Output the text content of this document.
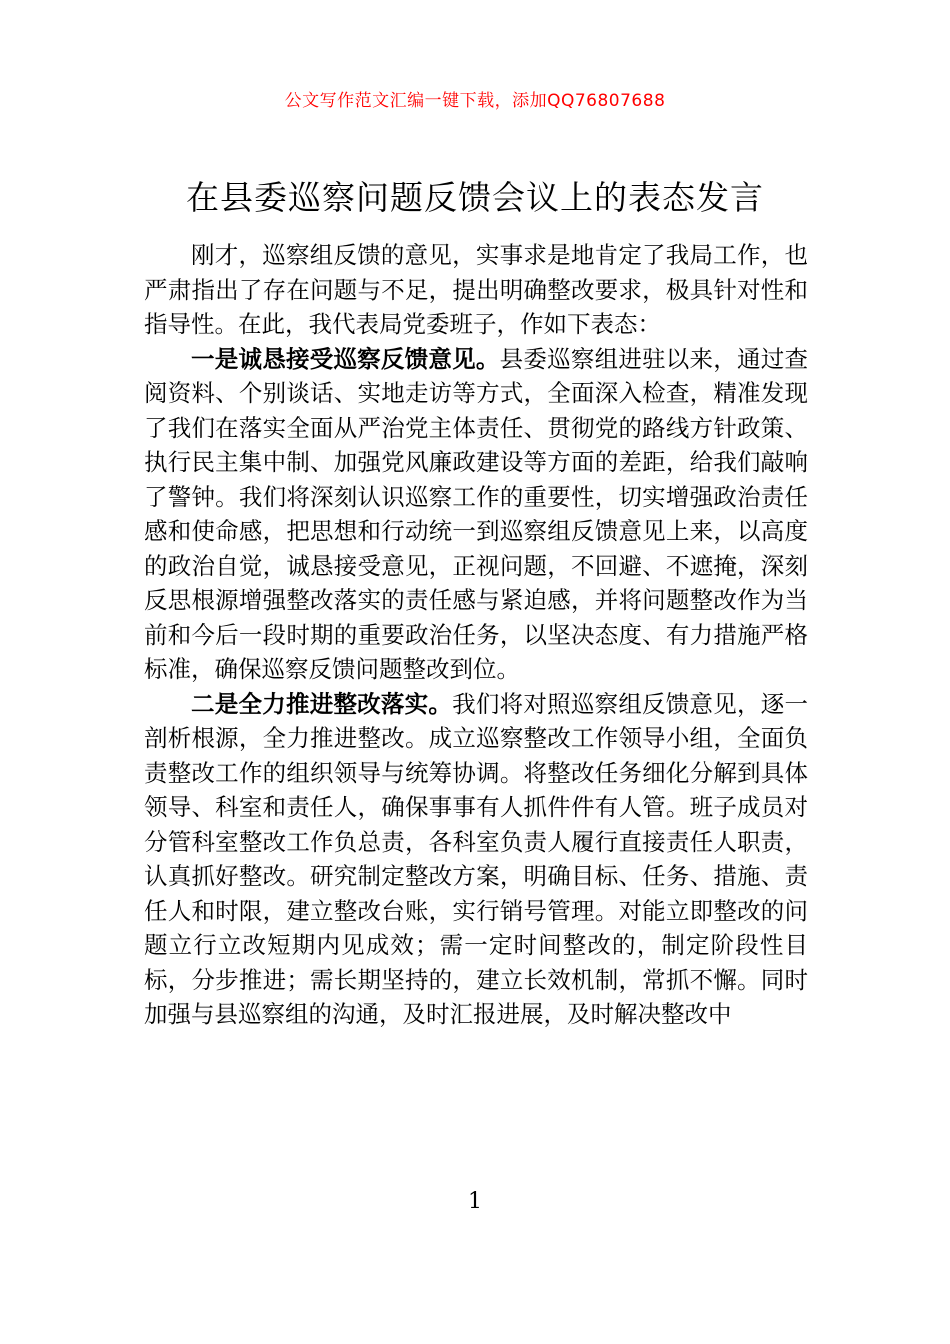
公文写作范文汇编一键下载，添加QQ76807688
在县委巡察问题反馈会议上的表态发言

刚才，巡察组反馈的意见，实事求是地肯定了我局工作，也严肃指出了存在问题与不足，提出明确整改要求，极具针对性和指导性。在此，我代表局党委班子，作如下表态：

一是诚恳接受巡察反馈意见。县委巡察组进驻以来，通过查阅资料、个别谈话、实地走访等方式，全面深入检查，精准发现了我们在落实全面从严治党主体责任、贯彻党的路线方针政策、执行民主集中制、加强党风廉政建设等方面的差距，给我们敲响了警钟。我们将深刻认识巡察工作的重要性，切实增强政治责任感和使命感，把思想和行动统一到巡察组反馈意见上来，以高度的政治自觉，诚恳接受意见，正视问题，不回避、不遮掩，深刻反思根源增强整改落实的责任感与紧迫感，并将问题整改作为当前和今后一段时期的重要政治任务，以坚决态度、有力措施严格标准，确保巡察反馈问题整改到位。

二是全力推进整改落实。我们将对照巡察组反馈意见，逐一剖析根源，全力推进整改。成立巡察整改工作领导小组，全面负责整改工作的组织领导与统筹协调。将整改任务细化分解到具体领导、科室和责任人，确保事事有人抓件件有人管。班子成员对分管科室整改工作负总责，各科室负责人履行直接责任人职责，认真抓好整改。研究制定整改方案，明确目标、任务、措施、责任人和时限，建立整改台账，实行销号管理。对能立即整改的问题立行立改短期内见成效；需一定时间整改的，制定阶段性目标，分步推进；需长期坚持的，建立长效机制，常抓不懈。同时加强与县巡察组的沟通，及时汇报进展，及时解决整改中

1
